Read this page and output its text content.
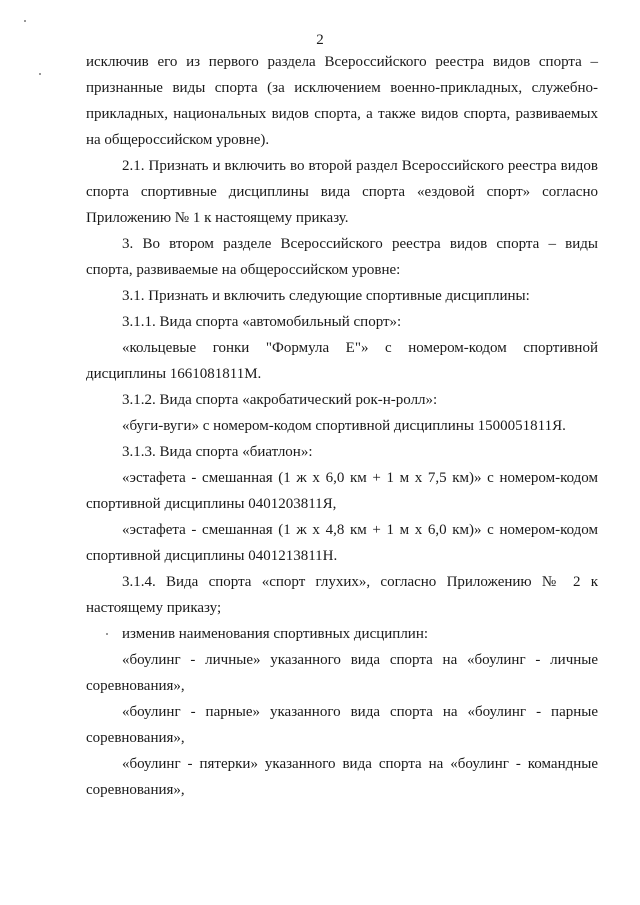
2

исключив его из первого раздела Всероссийского реестра видов спорта – признанные виды спорта (за исключением военно-прикладных, служебно-прикладных, национальных видов спорта, а также видов спорта, развиваемых на общероссийском уровне).

2.1. Признать и включить во второй раздел Всероссийского реестра видов спорта спортивные дисциплины вида спорта «ездовой спорт» согласно Приложению № 1 к настоящему приказу.

3. Во втором разделе Всероссийского реестра видов спорта – виды спорта, развиваемые на общероссийском уровне:

3.1. Признать и включить следующие спортивные дисциплины:

3.1.1. Вида спорта «автомобильный спорт»:

«кольцевые гонки "Формула Е"» с номером-кодом спортивной дисциплины 1661081811М.

3.1.2. Вида спорта «акробатический рок-н-ролл»:

«буги-вуги» с номером-кодом спортивной дисциплины 1500051811Я.

3.1.3. Вида спорта «биатлон»:

«эстафета - смешанная (1 ж х 6,0 км + 1 м х 7,5 км)» с номером-кодом спортивной дисциплины 0401203811Я,

«эстафета - смешанная (1 ж х 4,8 км + 1 м х 6,0 км)» с номером-кодом спортивной дисциплины 0401213811Н.

3.1.4. Вида спорта «спорт глухих», согласно Приложению № 2 к настоящему приказу;

изменив наименования спортивных дисциплин:

«боулинг - личные» указанного вида спорта на «боулинг - личные соревнования»,

«боулинг - парные» указанного вида спорта на «боулинг - парные соревнования»,

«боулинг - пятерки» указанного вида спорта на «боулинг - командные соревнования»,
